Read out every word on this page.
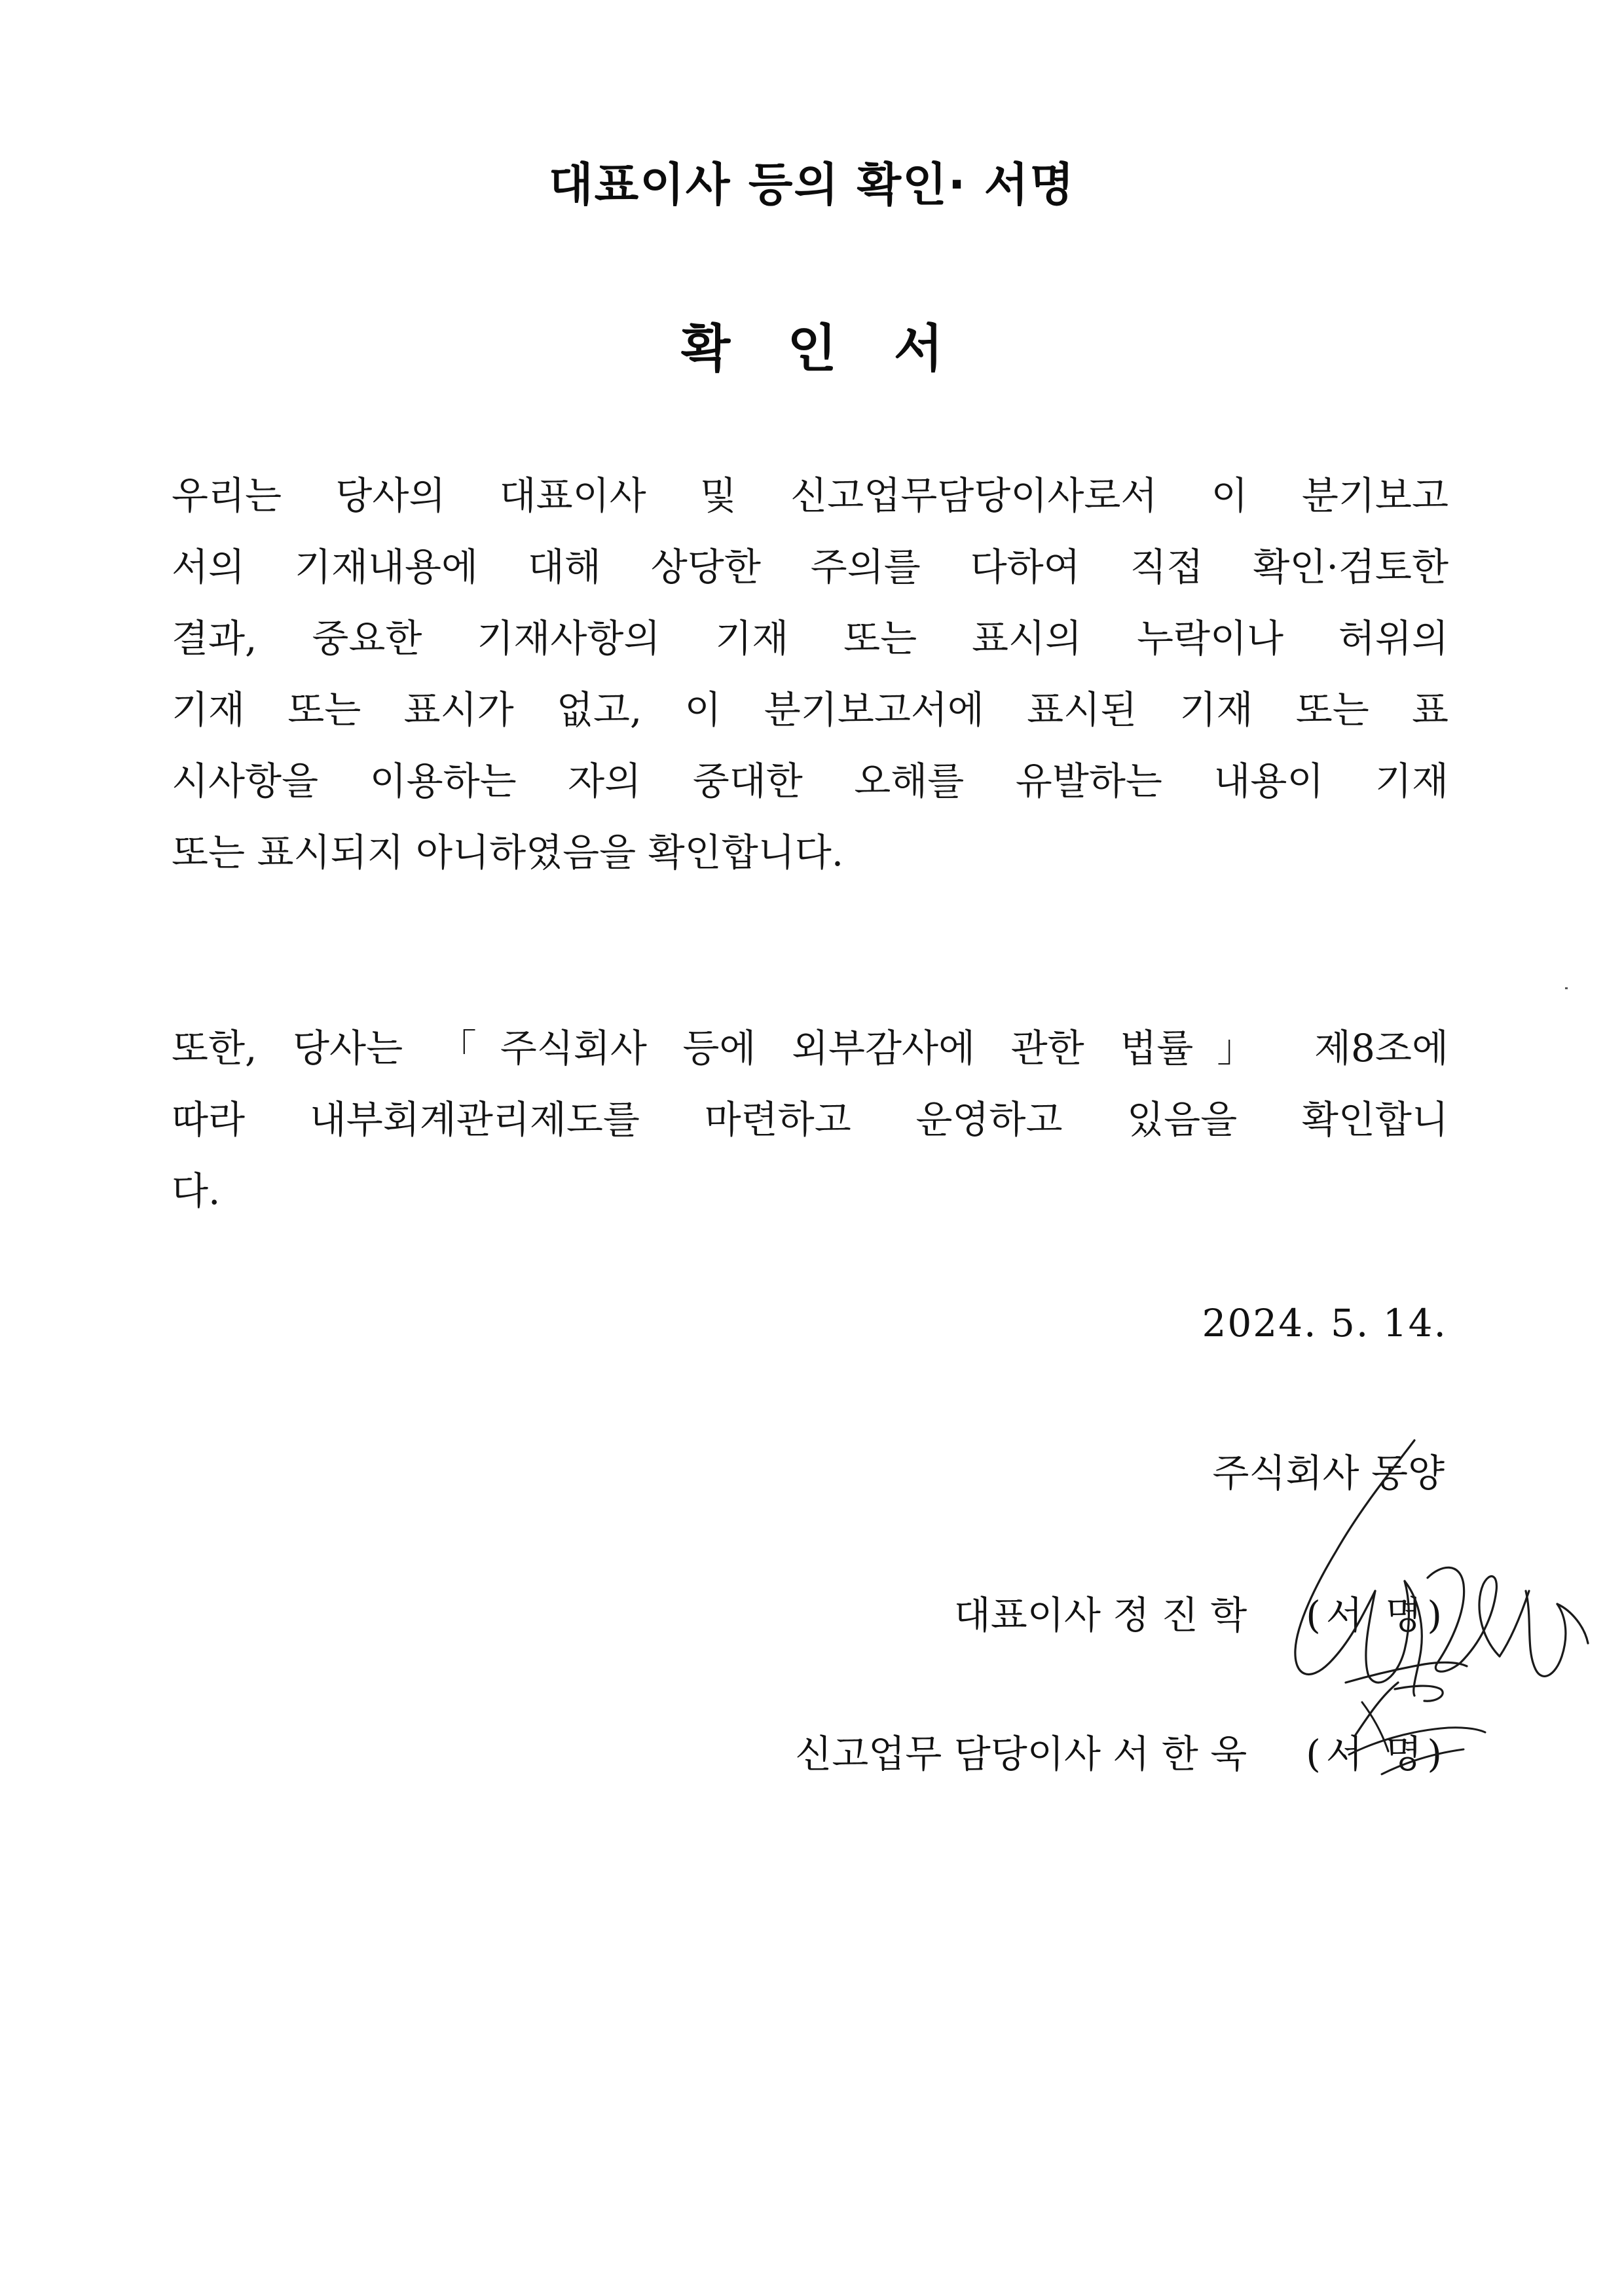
대표이사 등의 확인· 서명
확 인 서
우리는 당사의 대표이사 및 신고업무담당이사로서 이 분기보고
서의 기재내용에 대해 상당한 주의를 다하여 직접 확인·검토한
결과, 중요한 기재사항의 기재 또는 표시의 누락이나 허위의
기재 또는 표시가 없고, 이 분기보고서에 표시된 기재 또는 표
시사항을 이용하는 자의 중대한 오해를 유발하는 내용이 기재
또는 표시되지 아니하였음을 확인합니다.
또한, 당사는 「주식회사 등에 외부감사에 관한 법률」 제8조에
따라 내부회계관리제도를 마련하고 운영하고 있음을 확인합니
다.
2024. 5. 14.
주식회사 동양
대표이사 정 진 학 (서 명)
신고업무 담당이사 서 한 욱 (서 명)
